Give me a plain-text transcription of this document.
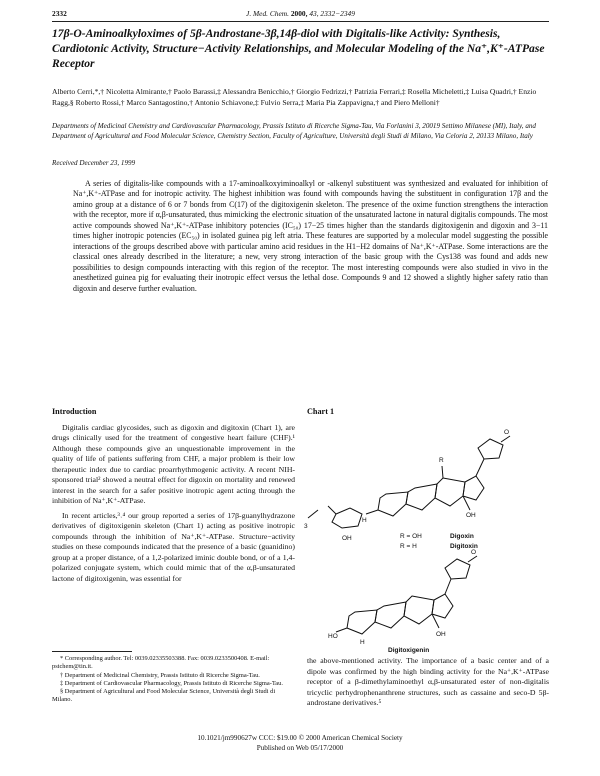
2332	J. Med. Chem. 2000, 43, 2332−2349
17β-O-Aminoalkyloximes of 5β-Androstane-3β,14β-diol with Digitalis-like Activity: Synthesis, Cardiotonic Activity, Structure−Activity Relationships, and Molecular Modeling of the Na⁺,K⁺-ATPase Receptor
Alberto Cerri,*,† Nicoletta Almirante,† Paolo Barassi,‡ Alessandra Benicchio,† Giorgio Fedrizzi,† Patrizia Ferrari,‡ Rosella Micheletti,‡ Luisa Quadri,† Enzio Ragg,§ Roberto Rossi,† Marco Santagostino,† Antonio Schiavone,‡ Fulvio Serra,‡ Maria Pia Zappavigna,† and Piero Melloni†
Departments of Medicinal Chemistry and Cardiovascular Pharmacology, Prassis Istituto di Ricerche Sigma-Tau, Via Forlanini 3, 20019 Settimo Milanese (MI), Italy, and Department of Agricultural and Food Molecular Science, Chemistry Section, Faculty of Agriculture, Università degli Studi di Milano, Via Celoria 2, 20133 Milano, Italy
Received December 23, 1999

A series of digitalis-like compounds with a 17-aminoalkoxyiminoalkyl or -alkenyl substituent was synthesized and evaluated for inhibition of Na⁺,K⁺-ATPase and for inotropic activity. The highest inhibition was found with compounds having the substituent in configuration 17β and the amino group at a distance of 6 or 7 bonds from C(17) of the digitoxigenin skeleton. The presence of the oxime function strengthens the interaction with the receptor, more if α,β-unsaturated, thus mimicking the electronic situation of the unsaturated lactone in natural digitalis compounds. The most active compounds showed Na⁺,K⁺-ATPase inhibitory potencies (IC₅₀) 17−25 times higher than the standards digitoxigenin and digoxin and 3−11 times higher inotropic potencies (EC₅₀) in isolated guinea pig left atria. These features are supported by a molecular model suggesting the possible interactions of the groups described above with particular amino acid residues in the H1−H2 domains of Na⁺,K⁺-ATPase. Some interactions are the classical ones already described in the literature; a new, very strong interaction of the basic group with the Cys138 was found and adds new possibilities to design compounds interacting with this region of the receptor. The most interesting compounds were also studied in vivo in the anesthetized guinea pig for evaluating their inotropic effect versus the lethal dose. Compounds 9 and 12 showed a slightly higher safety ratio than digoxin and deserve further evaluation.

Introduction

Digitalis cardiac glycosides, such as digoxin and digitoxin (Chart 1), are drugs clinically used for the treatment of congestive heart failure (CHF).¹ Although these compounds give an unquestionable improvement in the quality of life of patients suffering from CHF, a major problem is their low therapeutic index due to cardiac proarrhythmogenic activity. A recent NIH-sponsored trial² showed a neutral effect for digoxin on mortality and renewed interest in the search for a safer positive inotropic agent acting through the inhibition of Na⁺,K⁺-ATPase.

In recent articles,³˒⁴ our group reported a series of 17β-guanylhydrazone derivatives of digitoxigenin skeleton (Chart 1) acting as positive inotropic compounds through the inhibition of Na⁺,K⁺-ATPase. Structure−activity studies on these compounds indicated that the presence of a basic (guanidino) group at a proper distance, of a 1,2-polarized iminic double bond, or of a 1,4-polarized conjugate system, which could mimic that of the α,β-unsaturated lactone of digitoxigenin, was essential for

Chart 1
O
R
OH
H
OH
3
R = OH
R = H
Digoxin
Digitoxin
O
OH
HO
H
Digitoxigenin
* Corresponding author. Tel: 0039.02335503388. Fax: 0039.0233500408. E-mail: pstchem@tin.it.
† Department of Medicinal Chemistry, Prassis Istituto di Ricerche Sigma-Tau.
‡ Department of Cardiovascular Pharmacology, Prassis Istituto di Ricerche Sigma-Tau.
§ Department of Agricultural and Food Molecular Science, Università degli Studi di Milano.
the above-mentioned activity. The importance of a basic center and of a dipole was confirmed by the high binding activity for the Na⁺,K⁺-ATPase receptor of a β-dimethylaminoethyl α,β-unsaturated ester of non-digitalis tricyclic perhydrophenanthrene structures, such as cassaine and seco-D 5β-androstane derivatives.⁵
10.1021/jm990627w CCC: $19.00 © 2000 American Chemical Society
Published on Web 05/17/2000
